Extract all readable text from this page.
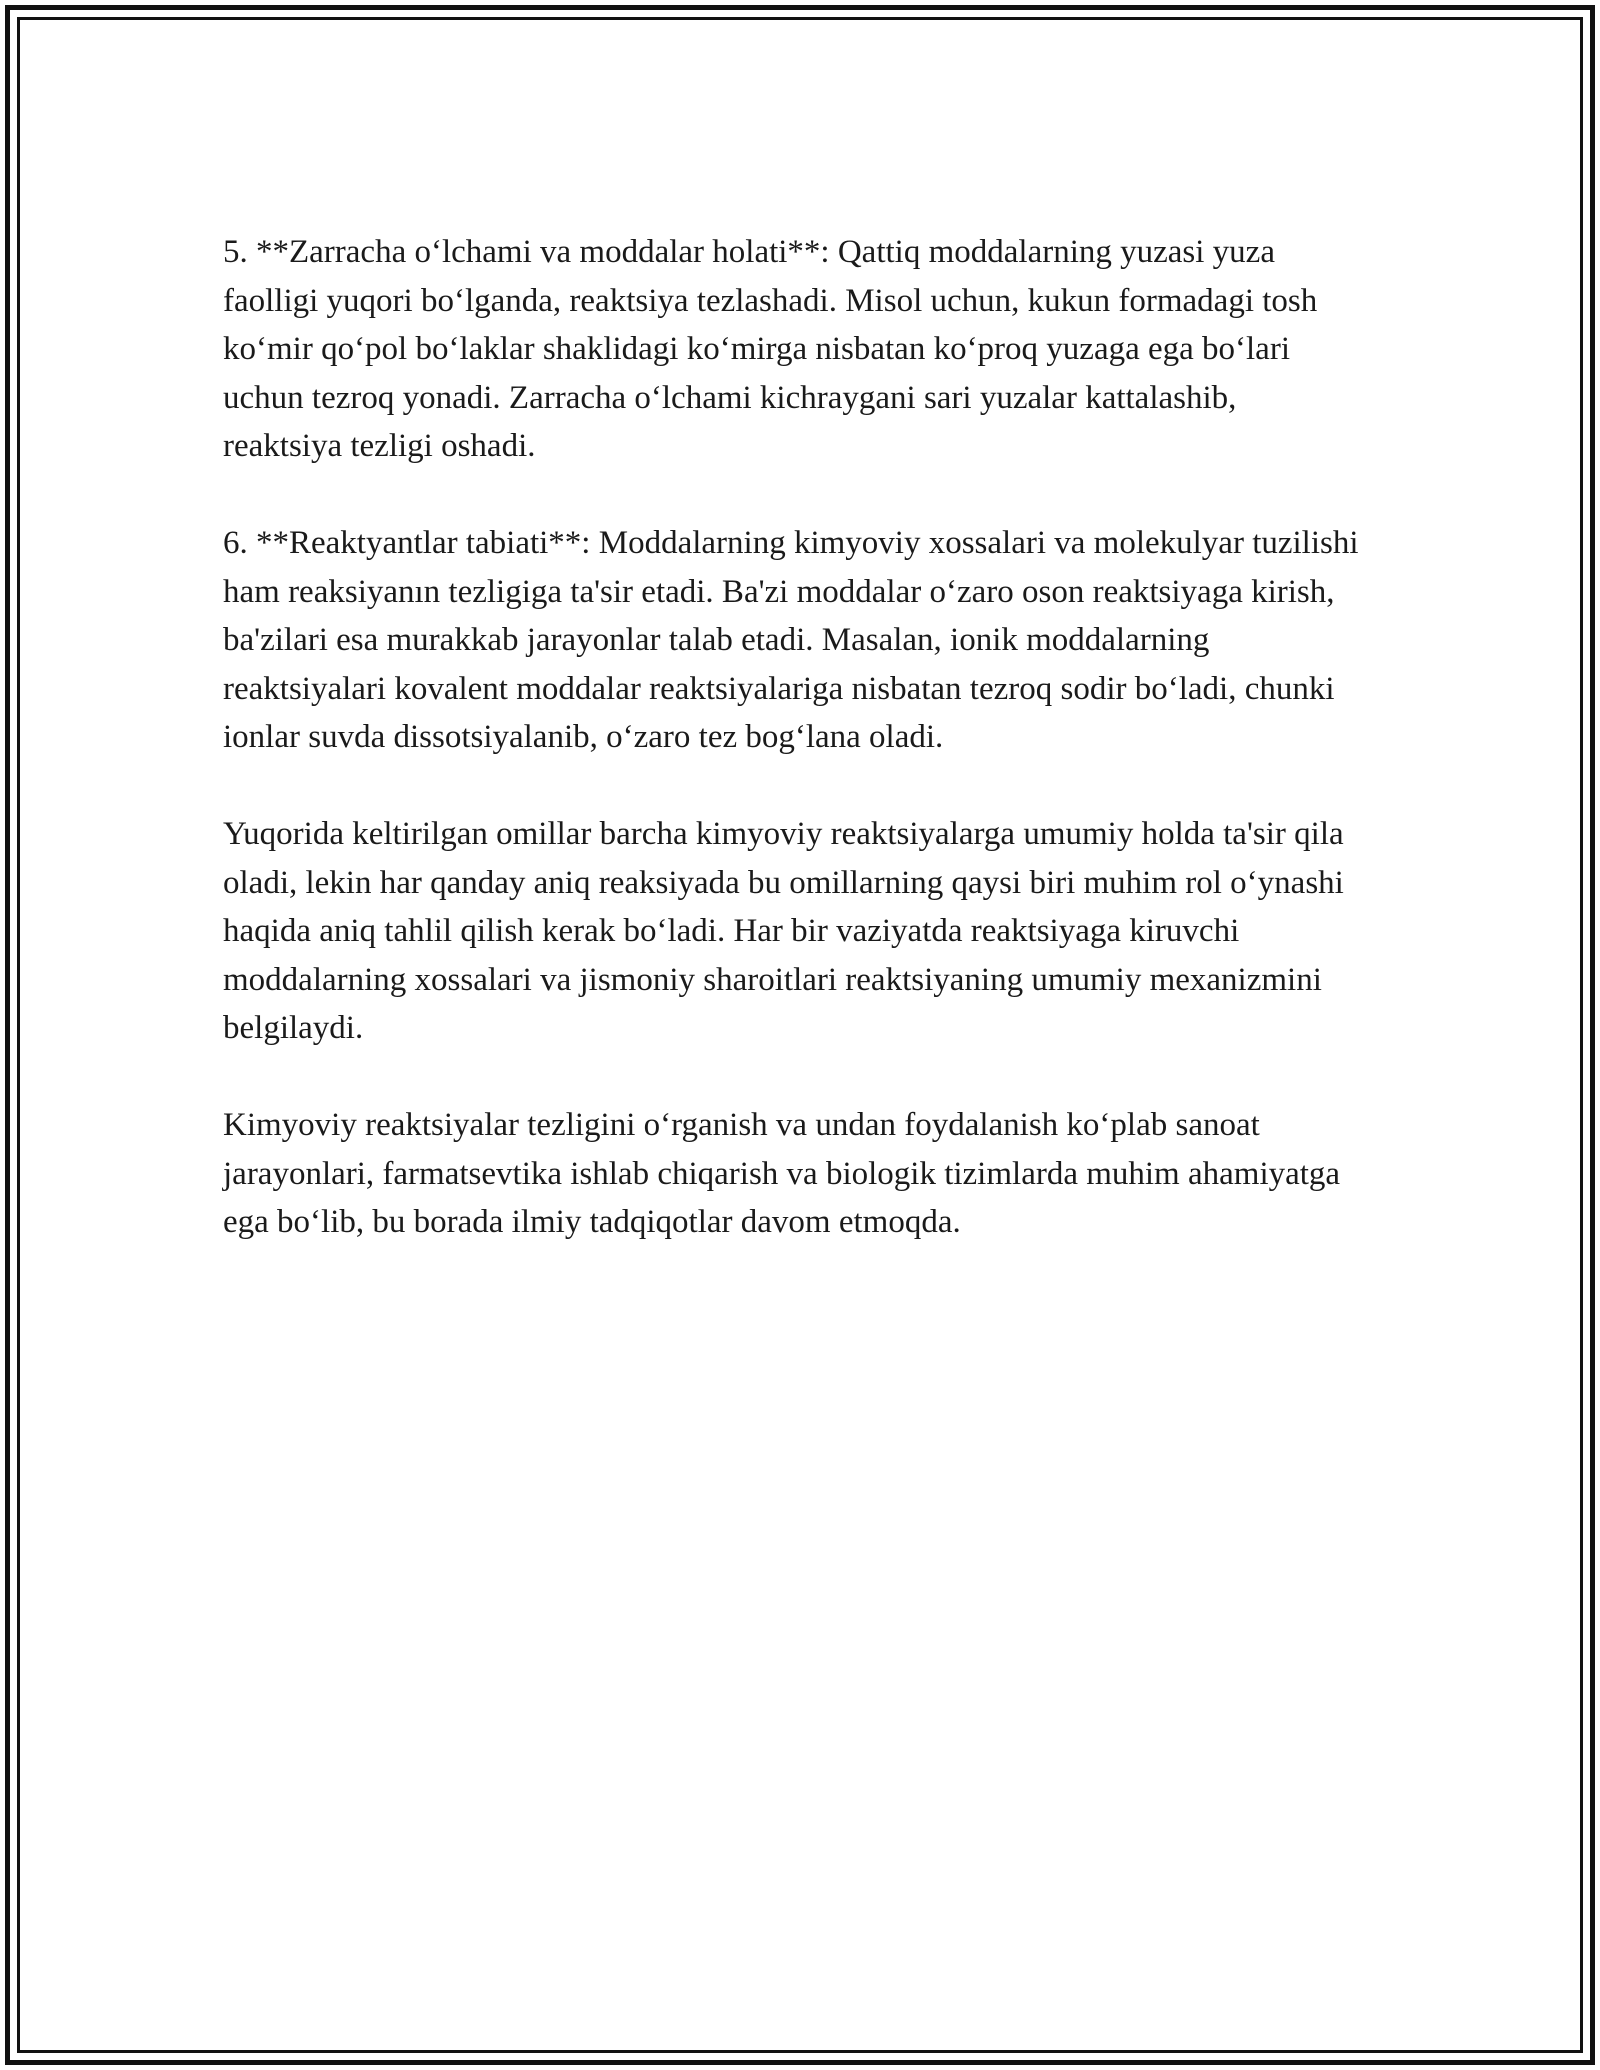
5. **Zarracha oʻlchami va moddalar holati**: Qattiq moddalarning yuzasi yuza faolligi yuqori boʻlganda, reaktsiya tezlashadi. Misol uchun, kukun formadagi tosh koʻmir qoʻpol boʻlaklar shaklidagi koʻmirga nisbatan koʻproq yuzaga ega boʻlari uchun tezroq yonadi. Zarracha oʻlchami kichraygani sari yuzalar kattalashib, reaktsiya tezligi oshadi.

6. **Reaktyantlar tabiati**: Moddalarning kimyoviy xossalari va molekulyar tuzilishi ham reaksiyanın tezligiga ta'sir etadi. Ba'zi moddalar oʻzaro oson reaktsiyaga kirish, ba'zilari esa murakkab jarayonlar talab etadi. Masalan, ionik moddalarning reaktsiyalari kovalent moddalar reaktsiyalariga nisbatan tezroq sodir boʻladi, chunki ionlar suvda dissotsiyalanib, oʻzaro tez bogʻlana oladi.

Yuqorida keltirilgan omillar barcha kimyoviy reaktsiyalarga umumiy holda ta'sir qila oladi, lekin har qanday aniq reaksiyada bu omillarning qaysi biri muhim rol oʻynashi haqida aniq tahlil qilish kerak boʻladi. Har bir vaziyatda reaktsiyaga kiruvchi moddalarning xossalari va jismoniy sharoitlari reaktsiyaning umumiy mexanizmini belgilaydi.

Kimyoviy reaktsiyalar tezligini oʻrganish va undan foydalanish koʻplab sanoat jarayonlari, farmatsevtika ishlab chiqarish va biologik tizimlarda muhim ahamiyatga ega boʻlib, bu borada ilmiy tadqiqotlar davom etmoqda.
